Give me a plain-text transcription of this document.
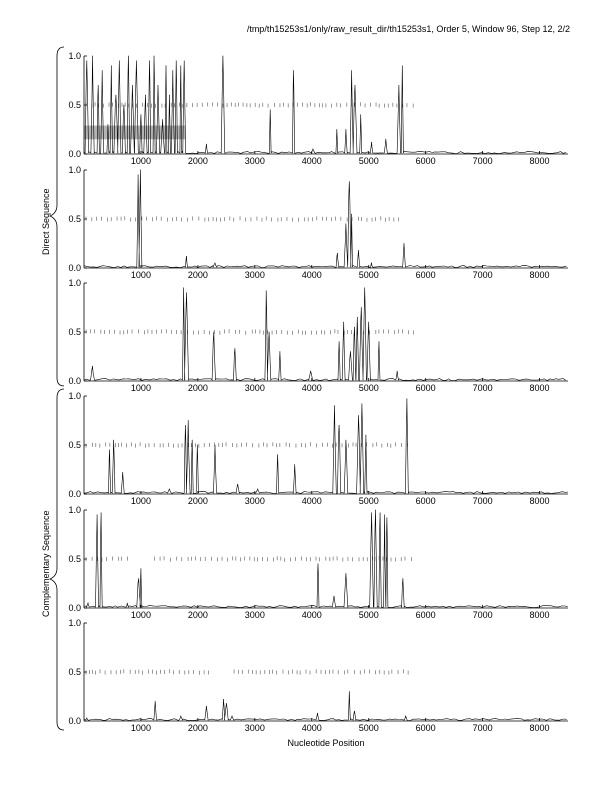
/tmp/th15253s1/only/raw_result_dir/th15253s1, Order 5, Window 96, Step 12, 2/2
Direct Sequence
Complementary Sequence
0.0
0.5
1.0
1000	2000	3000	4000	5000	6000	7000	8000
0.0
0.5
1.0
1000	2000	3000	4000	5000	6000	7000	8000
0.0
0.5
1.0
1000	2000	3000	4000	5000	6000	7000	8000
0.0
0.5
1.0
1000	2000	3000	4000	5000	6000	7000	8000
0.0
0.5
1.0
1000	2000	3000	4000	5000	6000	7000	8000
0.0
0.5
1.0
1000	2000	3000	4000	5000	6000	7000	8000
Nucleotide Position
